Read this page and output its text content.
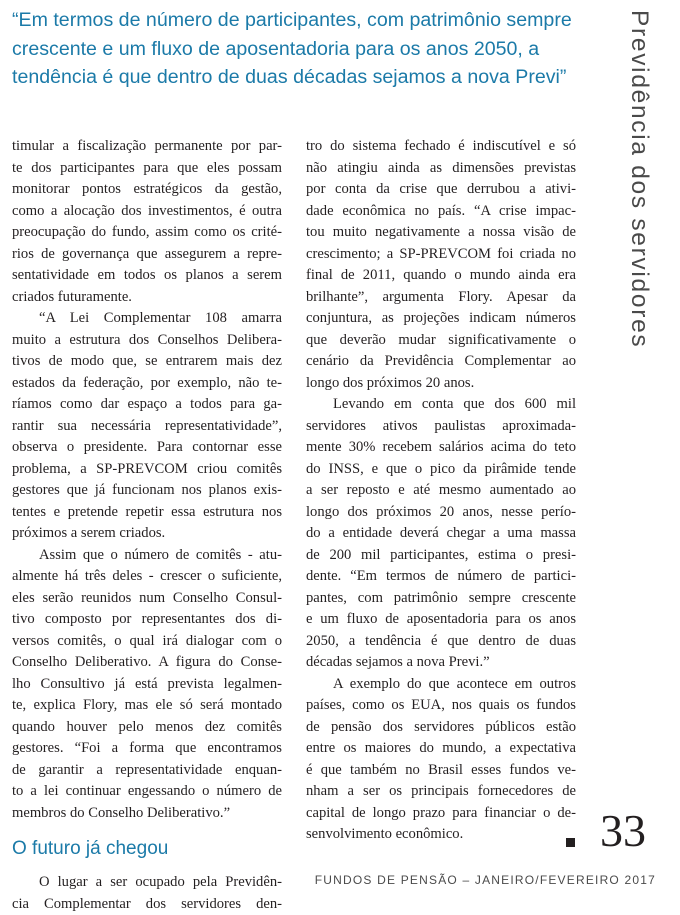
“Em termos de número de participantes, com patrimônio sempre
crescente e um fluxo de aposentadoria para os anos 2050, a
tendência é que dentro de duas décadas sejamos a nova Previ”	Previdência dos servidores
timular a fiscalização permanente por par-
te dos participantes para que eles possam
monitorar pontos estratégicos da gestão,
como a alocação dos investimentos, é outra
preocupação do fundo, assim como os crité-
rios de governança que assegurem a repre-
sentatividade em todos os planos a serem
criados futuramente.
“A Lei Complementar 108 amarra
muito a estrutura dos Conselhos Delibera-
tivos de modo que, se entrarem mais dez
estados da federação, por exemplo, não te-
ríamos como dar espaço a todos para ga-
rantir sua necessária representatividade”,
observa o presidente. Para contornar esse
problema, a SP-PREVCOM criou comitês
gestores que já funcionam nos planos exis-
tentes e pretende repetir essa estrutura nos
próximos a serem criados.
Assim que o número de comitês - atu-
almente há três deles - crescer o suficiente,
eles serão reunidos num Conselho Consul-
tivo composto por representantes dos di-
versos comitês, o qual irá dialogar com o
Conselho Deliberativo. A figura do Conse-
lho Consultivo já está prevista legalmen-
te, explica Flory, mas ele só será montado
quando houver pelo menos dez comitês
gestores. “Foi a forma que encontramos
de garantir a representatividade enquan-
to a lei continuar engessando o número de
membros do Conselho Deliberativo.”
O futuro já chegou
O lugar a ser ocupado pela Previdên-
cia Complementar dos servidores den-
tro do sistema fechado é indiscutível e só
não atingiu ainda as dimensões previstas
por conta da crise que derrubou a ativi-
dade econômica no país. “A crise impac-
tou muito negativamente a nossa visão de
crescimento; a SP-PREVCOM foi criada no
final de 2011, quando o mundo ainda era
brilhante”, argumenta Flory. Apesar da
conjuntura, as projeções indicam números
que deverão mudar significativamente o
cenário da Previdência Complementar ao
longo dos próximos 20 anos.
Levando em conta que dos 600 mil
servidores ativos paulistas aproximada-
mente 30% recebem salários acima do teto
do INSS, e que o pico da pirâmide tende
a ser reposto e até mesmo aumentado ao
longo dos próximos 20 anos, nesse perío-
do a entidade deverá chegar a uma massa
de 200 mil participantes, estima o presi-
dente. “Em termos de número de partici-
pantes, com patrimônio sempre crescente
e um fluxo de aposentadoria para os anos
2050, a tendência é que dentro de duas
décadas sejamos a nova Previ.”
A exemplo do que acontece em outros
países, como os EUA, nos quais os fundos
de pensão dos servidores públicos estão
entre os maiores do mundo, a expectativa
é que também no Brasil esses fundos ve-
nham a ser os principais fornecedores de
capital de longo prazo para financiar o de-
senvolvimento econômico.	33
FUNDOS DE PENSÃO – JANEIRO/FEVEREIRO 2017
